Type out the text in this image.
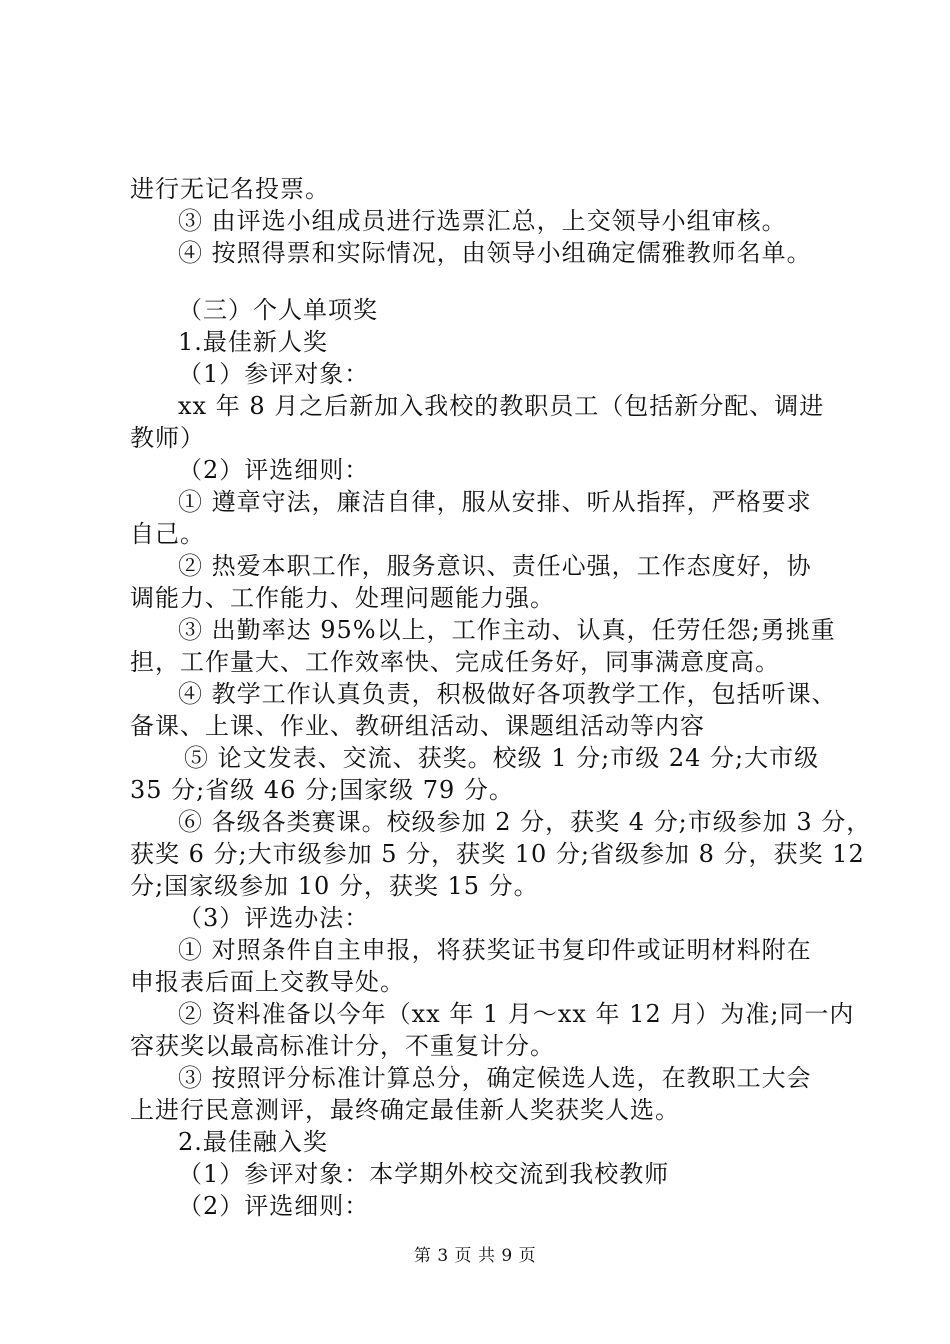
进行无记名投票。
③ 由评选小组成员进行选票汇总，上交领导小组审核。
④ 按照得票和实际情况，由领导小组确定儒雅教师名单。
（三）个人单项奖
1.最佳新人奖
（1）参评对象：
xx 年 8 月之后新加入我校的教职员工（包括新分配、调进
教师）
（2）评选细则：
① 遵章守法，廉洁自律，服从安排、听从指挥，严格要求
自己。
② 热爱本职工作，服务意识、责任心强，工作态度好，协
调能力、工作能力、处理问题能力强。
③ 出勤率达 95%以上，工作主动、认真，任劳任怨;勇挑重
担，工作量大、工作效率快、完成任务好，同事满意度高。
④ 教学工作认真负责，积极做好各项教学工作，包括听课、
备课、上课、作业、教研组活动、课题组活动等内容
⑤ 论文发表、交流、获奖。校级 1 分;市级 24 分;大市级
35 分;省级 46 分;国家级 79 分。
⑥ 各级各类赛课。校级参加 2 分，获奖 4 分;市级参加 3 分，
获奖 6 分;大市级参加 5 分，获奖 10 分;省级参加 8 分，获奖 12
分;国家级参加 10 分，获奖 15 分。
（3）评选办法：
① 对照条件自主申报，将获奖证书复印件或证明材料附在
申报表后面上交教导处。
② 资料准备以今年（xx 年 1 月～xx 年 12 月）为准;同一内
容获奖以最高标准计分，不重复计分。
③ 按照评分标准计算总分，确定候选人选，在教职工大会
上进行民意测评，最终确定最佳新人奖获奖人选。
2.最佳融入奖
（1）参评对象：本学期外校交流到我校教师
（2）评选细则：
第 3 页 共 9 页
